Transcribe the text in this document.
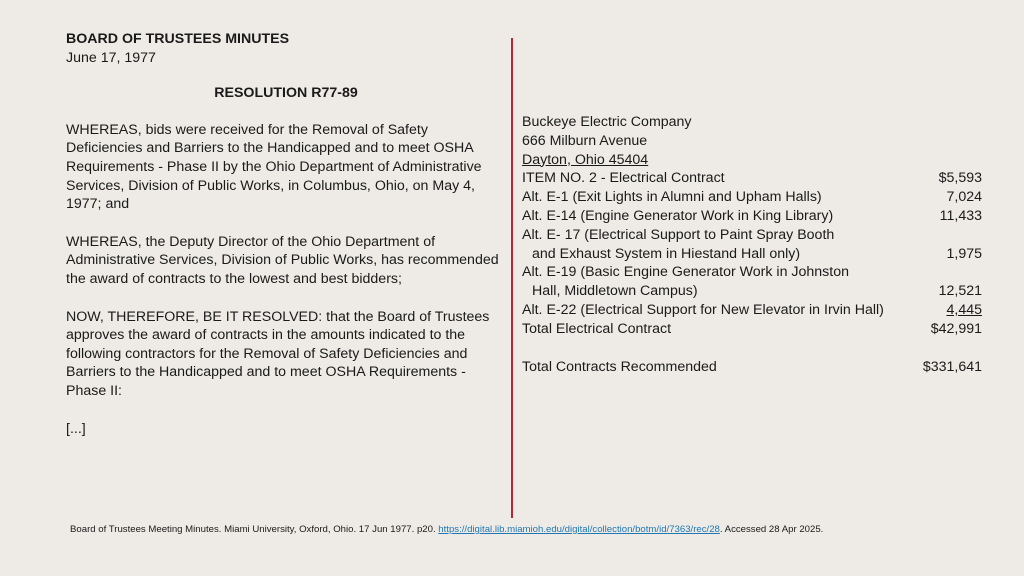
BOARD OF TRUSTEES MINUTES
June 17, 1977
RESOLUTION R77-89

WHEREAS, bids were received for the Removal of Safety Deficiencies and Barriers to the Handicapped and to meet OSHA Requirements - Phase II by the Ohio Department of Administrative Services, Division of Public Works, in Columbus, Ohio, on May 4, 1977; and

WHEREAS, the Deputy Director of the Ohio Department of Administrative Services, Division of Public Works, has recommended the award of contracts to the lowest and best bidders;

NOW, THEREFORE, BE IT RESOLVED: that the Board of Trustees approves the award of contracts in the amounts indicated to the following contractors for the Removal of Safety Deficiencies and Barriers to the Handicapped and to meet OSHA Requirements - Phase II:

[...]

Buckeye Electric Company
666 Milburn Avenue
Dayton, Ohio 45404
ITEM NO. 2 - Electrical Contract	$5,593
Alt. E-1 (Exit Lights in Alumni and Upham Halls)	7,024
Alt. E-14 (Engine Generator Work in King Library)	11,433
Alt. E- 17 (Electrical Support to Paint Spray Booth
and Exhaust System in Hiestand Hall only)	1,975
Alt. E-19 (Basic Engine Generator Work in Johnston
Hall, Middletown Campus)	12,521
Alt. E-22 (Electrical Support for New Elevator in Irvin Hall)	4,445
Total Electrical Contract	$42,991
Total Contracts Recommended	$331,641
Board of Trustees Meeting Minutes. Miami University, Oxford, Ohio. 17 Jun 1977. p20. https://digital.lib.miamioh.edu/digital/collection/botm/id/7363/rec/28. Accessed 28 Apr 2025.
